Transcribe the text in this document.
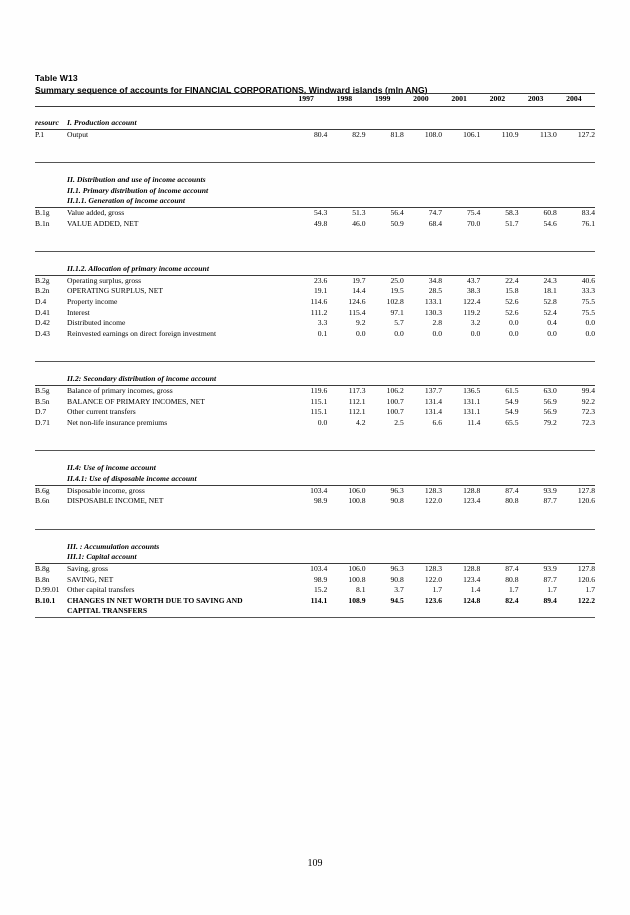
Table W13
Summary sequence of accounts for FINANCIAL CORPORATIONS, Windward islands (mln ANG)
		1997	1998	1999	2000	2001	2002	2003	2004

resourc	I. Production account								
P.1	Output	80.4	82.9	81.8	108.0	106.1	110.9	113.0	127.2

	II. Distribution and use of income accounts								
	II.1. Primary distribution of income account								
	II.1.1. Generation of income account								
B.1g	Value added, gross	54.3	51.3	56.4	74.7	75.4	58.3	60.8	83.4
B.1n	VALUE ADDED, NET	49.8	46.0	50.9	68.4	70.0	51.7	54.6	76.1

	II.1.2. Allocation of primary income account								
B.2g	Operating surplus, gross	23.6	19.7	25.0	34.8	43.7	22.4	24.3	40.6
B.2n	OPERATING SURPLUS, NET	19.1	14.4	19.5	28.5	38.3	15.8	18.1	33.3
D.4	Property income	114.6	124.6	102.8	133.1	122.4	52.6	52.8	75.5
D.41	Interest	111.2	115.4	97.1	130.3	119.2	52.6	52.4	75.5
D.42	Distributed income	3.3	9.2	5.7	2.8	3.2	0.0	0.4	0.0
D.43	Reinvested earnings on direct foreign investment	0.1	0.0	0.0	0.0	0.0	0.0	0.0	0.0

	II.2: Secondary distribution of income account								
B.5g	Balance of primary incomes, gross	119.6	117.3	106.2	137.7	136.5	61.5	63.0	99.4
B.5n	BALANCE OF PRIMARY INCOMES, NET	115.1	112.1	100.7	131.4	131.1	54.9	56.9	92.2
D.7	Other current transfers	115.1	112.1	100.7	131.4	131.1	54.9	56.9	72.3
D.71	Net non-life insurance premiums	0.0	4.2	2.5	6.6	11.4	65.5	79.2	72.3

	II.4: Use of income account								
	II.4.1: Use of disposable income account								
B.6g	Disposable income, gross	103.4	106.0	96.3	128.3	128.8	87.4	93.9	127.8
B.6n	DISPOSABLE INCOME, NET	98.9	100.8	90.8	122.0	123.4	80.8	87.7	120.6

	III. : Accumulation accounts								
	III.1: Capital account								
B.8g	Saving, gross	103.4	106.0	96.3	128.3	128.8	87.4	93.9	127.8
B.8n	SAVING, NET	98.9	100.8	90.8	122.0	123.4	80.8	87.7	120.6
D.99.01	Other capital transfers	15.2	8.1	3.7	1.7	1.4	1.7	1.7	1.7
B.10.1	CHANGES IN NET WORTH DUE TO SAVING AND	114.1	108.9	94.5	123.6	124.8	82.4	89.4	122.2
	CAPITAL TRANSFERS								

109
